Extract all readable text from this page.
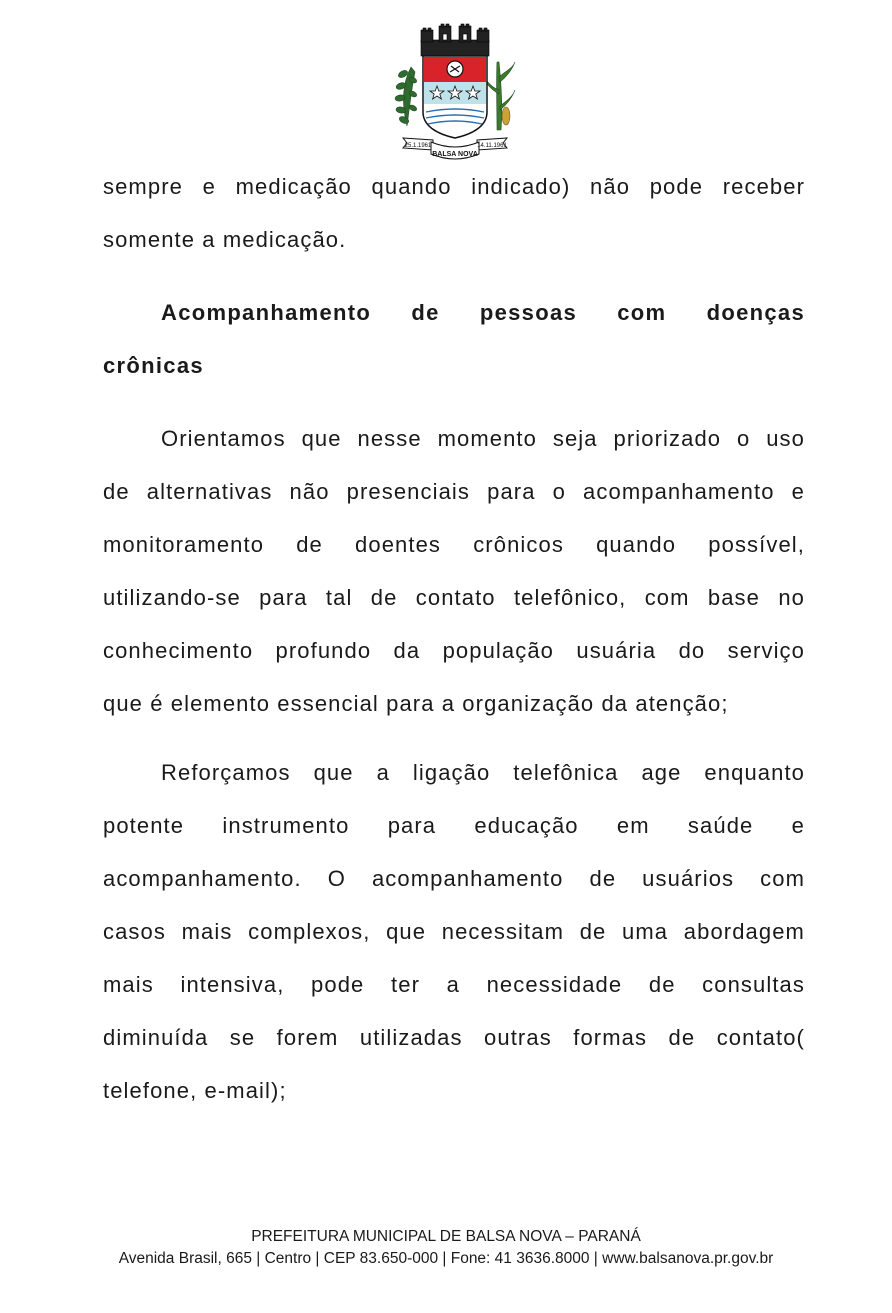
25.1.1961	14.11.1961
BALSA NOVA
sempre e medicação quando indicado) não pode receber
somente a medicação.
Acompanhamento de pessoas com doenças
crônicas
Orientamos que nesse momento seja priorizado o uso
de alternativas não presenciais para o acompanhamento e
monitoramento de doentes crônicos quando possível,
utilizando-se para tal de contato telefônico, com base no
conhecimento profundo da população usuária do serviço
que é elemento essencial para a organização da atenção;
Reforçamos que a ligação telefônica age enquanto
potente instrumento para educação em saúde e
acompanhamento. O acompanhamento de usuários com
casos mais complexos, que necessitam de uma abordagem
mais intensiva, pode ter a necessidade de consultas
diminuída se forem utilizadas outras formas de contato(
telefone, e-mail);
PREFEITURA MUNICIPAL DE BALSA NOVA – PARANÁ
Avenida Brasil, 665 | Centro | CEP 83.650-000 | Fone: 41 3636.8000 | www.balsanova.pr.gov.br
